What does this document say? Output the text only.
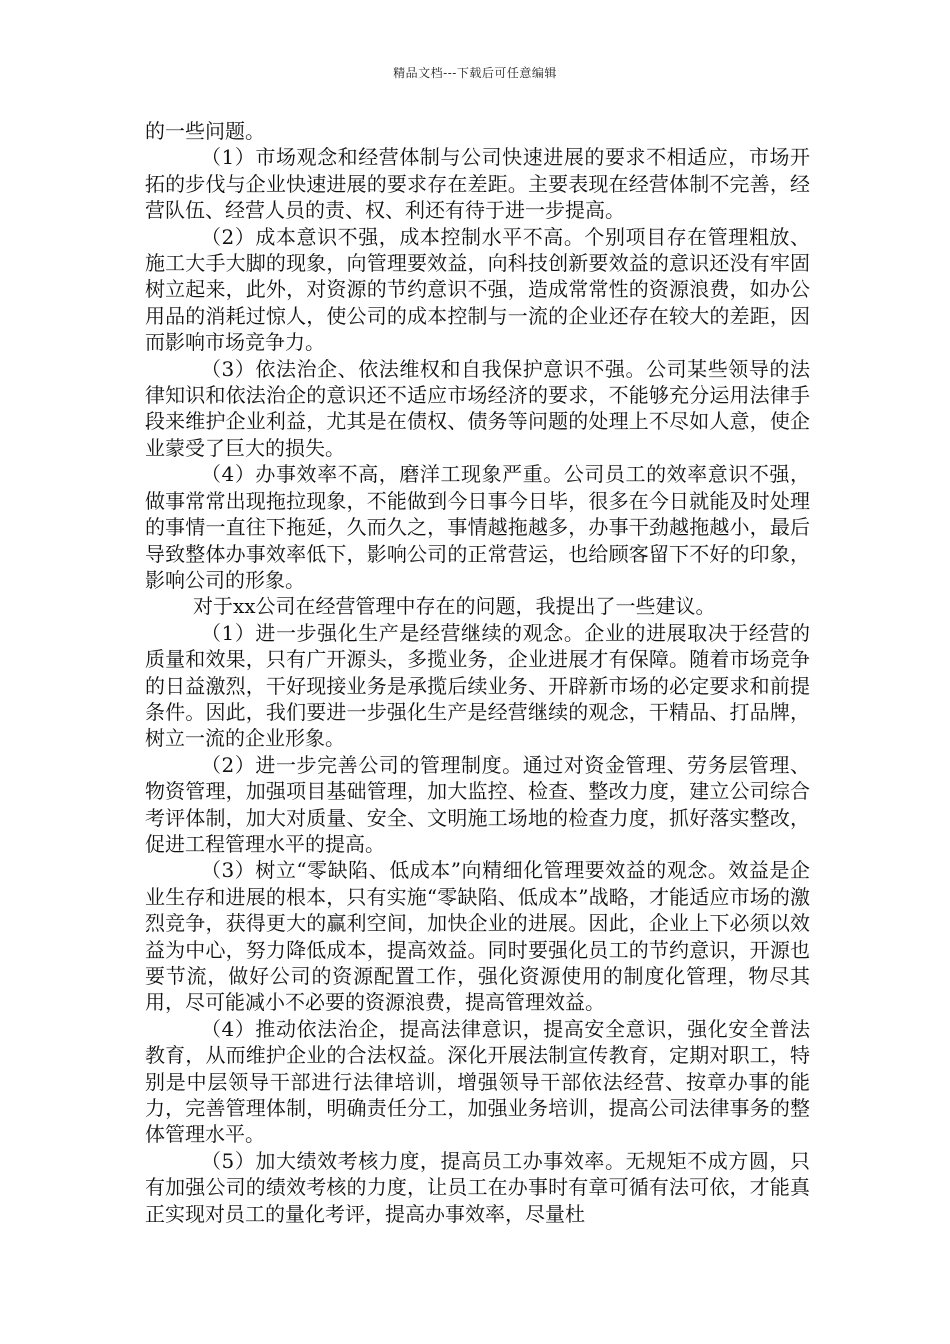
精品文档---下载后可任意编辑

的一些问题。

（1）市场观念和经营体制与公司快速进展的要求不相适应，市场开拓的步伐与企业快速进展的要求存在差距。主要表现在经营体制不完善，经营队伍、经营人员的责、权、利还有待于进一步提高。

（2）成本意识不强，成本控制水平不高。个别项目存在管理粗放、施工大手大脚的现象，向管理要效益，向科技创新要效益的意识还没有牢固树立起来，此外，对资源的节约意识不强，造成常常性的资源浪费，如办公用品的消耗过惊人，使公司的成本控制与一流的企业还存在较大的差距，因而影响市场竞争力。

（3）依法治企、依法维权和自我保护意识不强。公司某些领导的法律知识和依法治企的意识还不适应市场经济的要求，不能够充分运用法律手段来维护企业利益，尤其是在债权、债务等问题的处理上不尽如人意，使企业蒙受了巨大的损失。

（4）办事效率不高，磨洋工现象严重。公司员工的效率意识不强，做事常常出现拖拉现象，不能做到今日事今日毕，很多在今日就能及时处理的事情一直往下拖延，久而久之，事情越拖越多，办事干劲越拖越小，最后导致整体办事效率低下，影响公司的正常营运，也给顾客留下不好的印象，影响公司的形象。

对于xx公司在经营管理中存在的问题，我提出了一些建议。

（1）进一步强化生产是经营继续的观念。企业的进展取决于经营的质量和效果，只有广开源头，多揽业务，企业进展才有保障。随着市场竞争的日益激烈，干好现接业务是承揽后续业务、开辟新市场的必定要求和前提条件。因此，我们要进一步强化生产是经营继续的观念，干精品、打品牌，树立一流的企业形象。

（2）进一步完善公司的管理制度。通过对资金管理、劳务层管理、物资管理，加强项目基础管理，加大监控、检查、整改力度，建立公司综合考评体制，加大对质量、安全、文明施工场地的检查力度，抓好落实整改，促进工程管理水平的提高。

（3）树立“零缺陷、低成本”向精细化管理要效益的观念。效益是企业生存和进展的根本，只有实施“零缺陷、低成本”战略，才能适应市场的激烈竞争，获得更大的赢利空间，加快企业的进展。因此，企业上下必须以效益为中心，努力降低成本，提高效益。同时要强化员工的节约意识，开源也要节流，做好公司的资源配置工作，强化资源使用的制度化管理，物尽其用，尽可能减小不必要的资源浪费，提高管理效益。

（4）推动依法治企，提高法律意识，提高安全意识，强化安全普法教育，从而维护企业的合法权益。深化开展法制宣传教育，定期对职工，特别是中层领导干部进行法律培训，增强领导干部依法经营、按章办事的能力，完善管理体制，明确责任分工，加强业务培训，提高公司法律事务的整体管理水平。

（5）加大绩效考核力度，提高员工办事效率。无规矩不成方圆，只有加强公司的绩效考核的力度，让员工在办事时有章可循有法可依，才能真正实现对员工的量化考评，提高办事效率，尽量杜
